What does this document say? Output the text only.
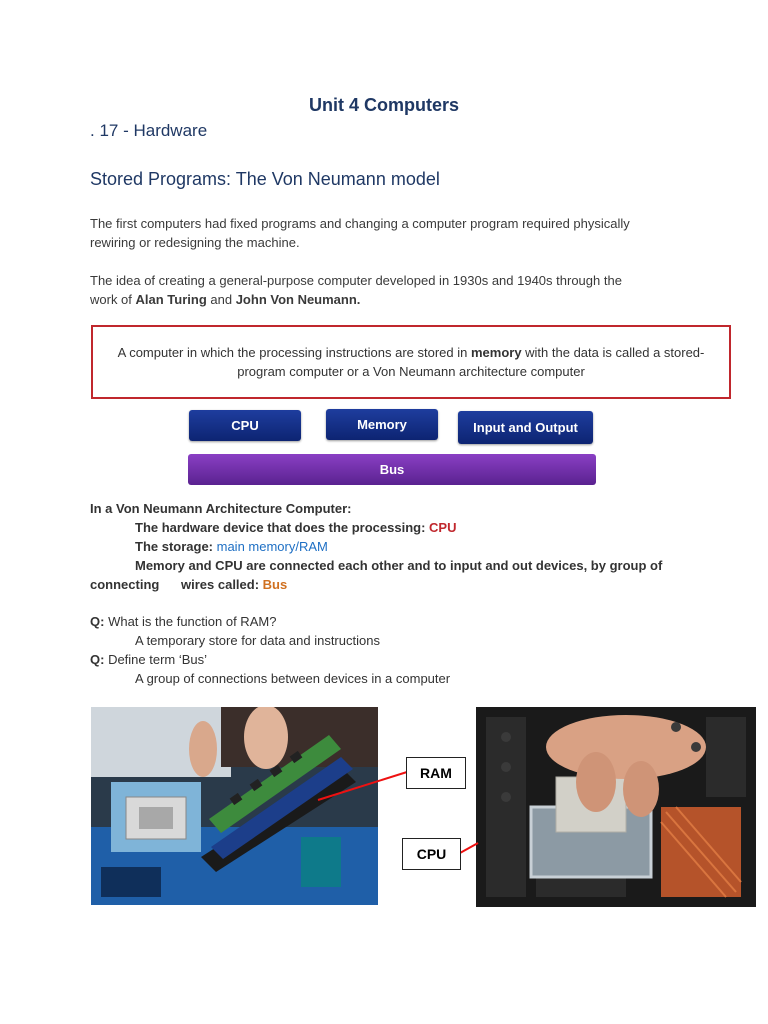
Unit 4 Computers
. 17 - Hardware
Stored Programs: The Von Neumann model
The first computers had fixed programs and changing a computer program required physically
rewiring or redesigning the machine.
The idea of creating a general-purpose computer developed in 1930s and 1940s through the
work of Alan Turing and John Von Neumann.
A computer in which the processing instructions are stored in memory with the data is called a stored-program computer or a Von Neumann architecture computer
CPU	Memory	Input and Output
Bus
In a Von Neumann Architecture Computer:
The hardware device that does the processing: CPU
The storage: main memory/RAM
Memory and CPU are connected each other and to input and out devices, by group of
connecting      wires called: Bus
Q: What is the function of RAM?
A temporary store for data and instructions
Q: Define term ‘Bus’
A group of connections between devices in a computer
RAM
CPU
